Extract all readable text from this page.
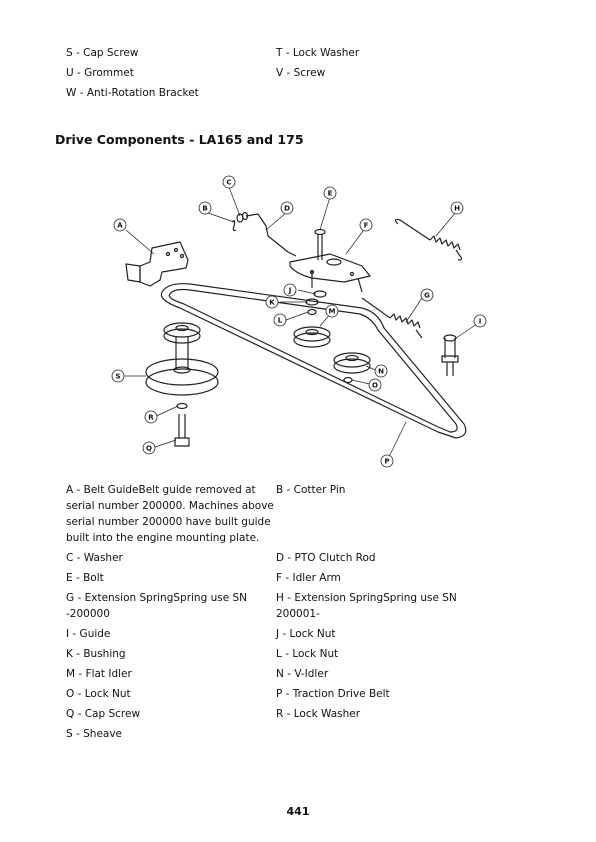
S - Cap Screw	T - Lock Washer
U - Grommet	V - Screw
W - Anti-Rotation Bracket
Drive Components - LA165 and 175
A
B
C
D
E
F
G
H
I
J
K
L
M
N
O
P
Q
R
S
A - Belt GuideBelt guide removed at serial number 200000. Machines above serial number 200000 have built guide built into the engine mounting plate.
B - Cotter Pin
C - Washer	D - PTO Clutch Rod
E - Bolt	F - Idler Arm
G - Extension SpringSpring use SN -200000
H - Extension SpringSpring use SN 200001-
I - Guide	J - Lock Nut
K - Bushing	L - Lock Nut
M - Flat Idler	N - V-Idler
O - Lock Nut	P - Traction Drive Belt
Q - Cap Screw	R - Lock Washer
S - Sheave
441
